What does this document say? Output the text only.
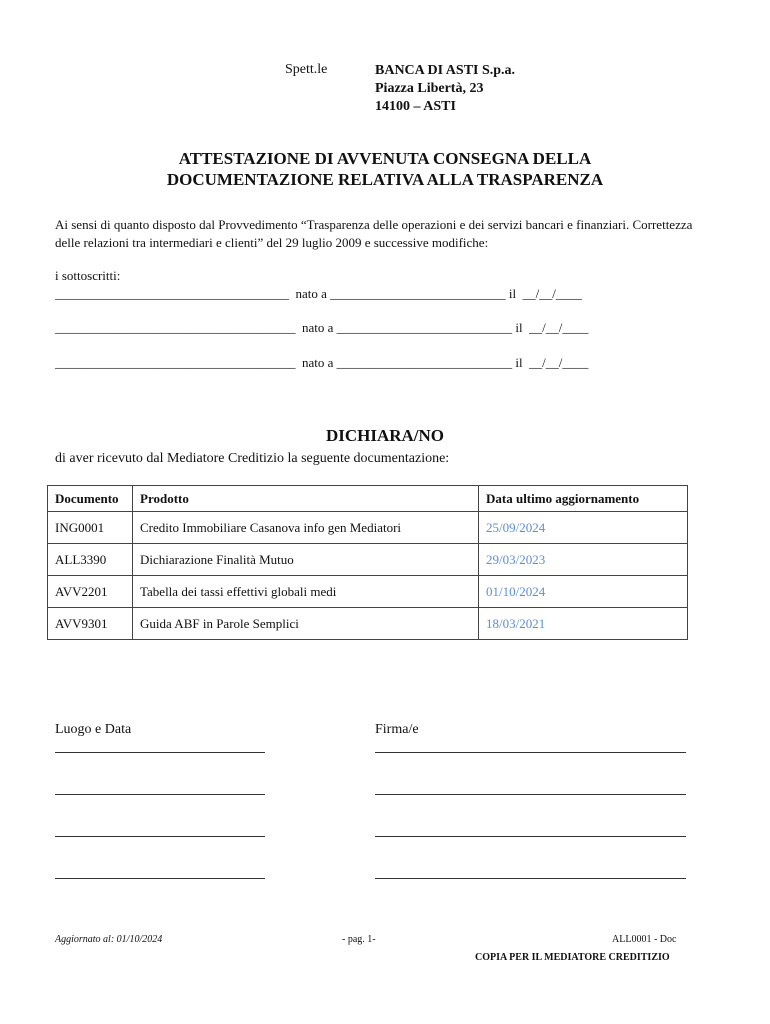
Spett.le	BANCA DI ASTI S.p.a.
Piazza Libertà, 23
14100 – ASTI
ATTESTAZIONE DI AVVENUTA CONSEGNA DELLA
DOCUMENTAZIONE RELATIVA ALLA TRASPARENZA
Ai sensi di quanto disposto dal Provvedimento “Trasparenza delle operazioni e dei servizi bancari e finanziari. Correttezza delle relazioni tra intermediari e clienti” del 29 luglio 2009 e successive modifiche:
i sottoscritti:
____________________________________  nato a ___________________________ il  __/__/____
_____________________________________  nato a ___________________________ il  __/__/____
_____________________________________  nato a ___________________________ il  __/__/____
DICHIARA/NO
di aver ricevuto dal Mediatore Creditizio la seguente documentazione:
Documento	Prodotto	Data ultimo aggiornamento
ING0001	Credito Immobiliare Casanova info gen Mediatori	25/09/2024
ALL3390	Dichiarazione Finalità Mutuo	29/03/2023
AVV2201	Tabella dei tassi effettivi globali medi	01/10/2024
AVV9301	Guida ABF in Parole Semplici	18/03/2021
Luogo e Data	Firma/e
Aggiornato al: 01/10/2024	- pag. 1-	ALL0001 - Doc
COPIA PER IL MEDIATORE CREDITIZIO
